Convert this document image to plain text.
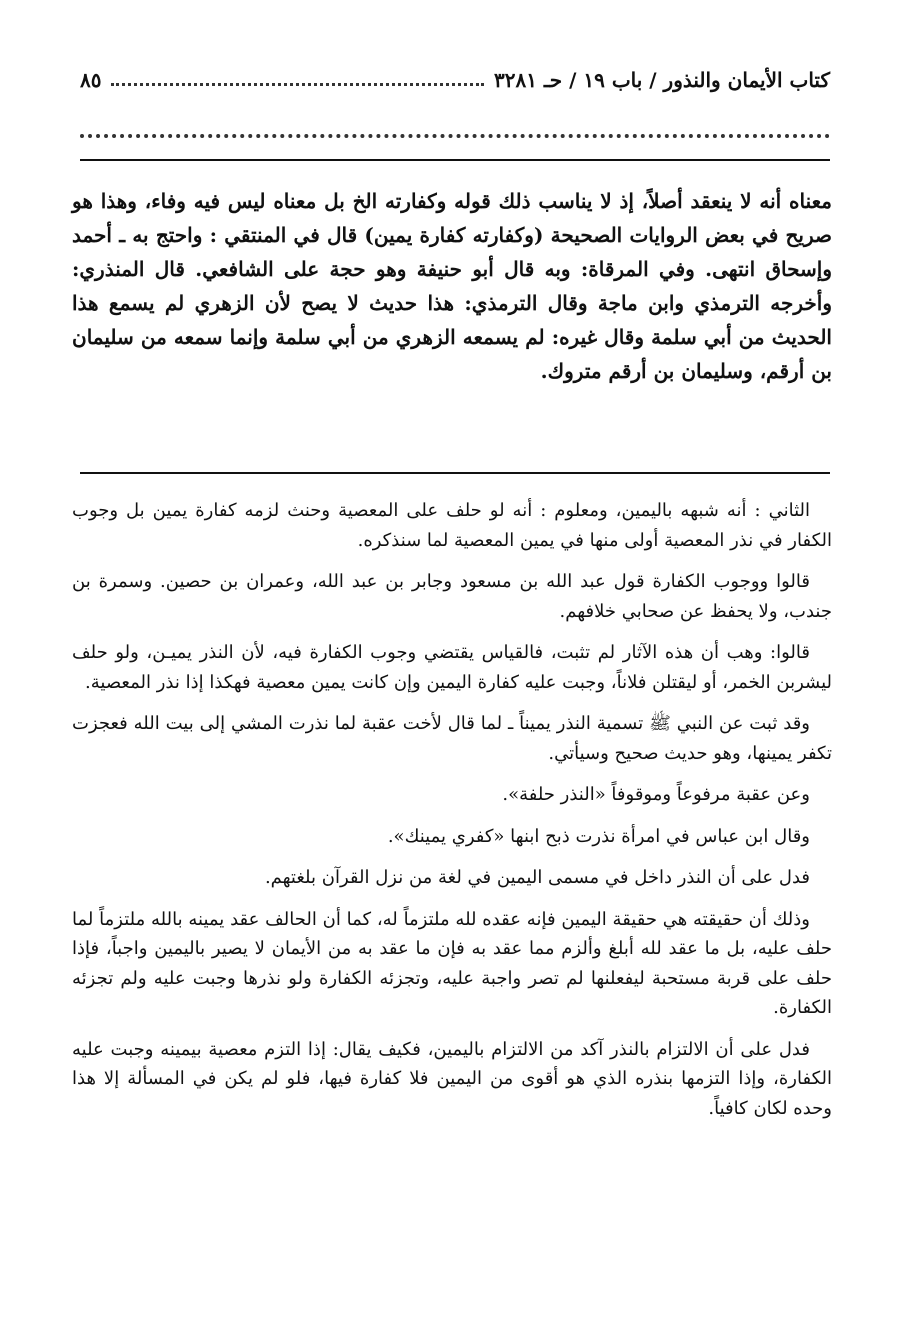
كتاب الأيمان والنذور / باب ١٩ / حـ ٣٢٨١
٨٥
معناه أنه لا ينعقد أصلاً، إذ لا يناسب ذلك قوله وكفارته الخ بل معناه ليس فيه وفاء، وهذا هو صريح في بعض الروايات الصحيحة (وكفارته كفارة يمين) قال في المنتقي : واحتج به ـ أحمد وإسحاق انتهى. وفي المرقاة: وبه قال أبو حنيفة وهو حجة على الشافعي. قال المنذري: وأخرجه الترمذي وابن ماجة وقال الترمذي: هذا حديث لا يصح لأن الزهري لم يسمع هذا الحديث من أبي سلمة وقال غيره: لم يسمعه الزهري من أبي سلمة وإنما سمعه من سليمان بن أرقم، وسليمان بن أرقم متروك.

الثاني : أنه شبهه باليمين، ومعلوم : أنه لو حلف على المعصية وحنث لزمه كفارة يمين بل وجوب الكفار في نذر المعصية أولى منها في يمين المعصية لما سنذكره.

قالوا ووجوب الكفارة قول عبد الله بن مسعود وجابر بن عبد الله، وعمران بن حصين. وسمرة بن جندب، ولا يحفظ عن صحابي خلافهم.

قالوا: وهب أن هذه الآثار لم تثبت، فالقياس يقتضي وجوب الكفارة فيه، لأن النذر يميـن، ولو حلف ليشربن الخمر، أو ليقتلن فلاناً، وجبت عليه كفارة اليمين وإن كانت يمين معصية فهكذا إذا نذر المعصية.

وقد ثبت عن النبي ﷺ تسمية النذر يميناً ـ لما قال لأخت عقبة لما نذرت المشي إلى بيت الله فعجزت تكفر يمينها، وهو حديث صحيح وسيأتي.

وعن عقبة مرفوعاً وموقوفاً «النذر حلفة».

وقال ابن عباس في امرأة نذرت ذبح ابنها «كفري يمينك».

فدل على أن النذر داخل في مسمى اليمين في لغة من نزل القرآن بلغتهم.

وذلك أن حقيقته هي حقيقة اليمين فإنه عقده لله ملتزماً له، كما أن الحالف عقد يمينه بالله ملتزماً لما حلف عليه، بل ما عقد لله أبلغ وألزم مما عقد به فإن ما عقد به من الأيمان لا يصير باليمين واجباً، فإذا حلف على قربة مستحبة ليفعلنها لم تصر واجبة عليه، وتجزئه الكفارة ولو نذرها وجبت عليه ولم تجزئه الكفارة.

فدل على أن الالتزام بالنذر آكد من الالتزام باليمين، فكيف يقال: إذا التزم معصية بيمينه وجبت عليه الكفارة، وإذا التزمها بنذره الذي هو أقوى من اليمين فلا كفارة فيها، فلو لم يكن في المسألة إلا هذا وحده لكان كافياً.
